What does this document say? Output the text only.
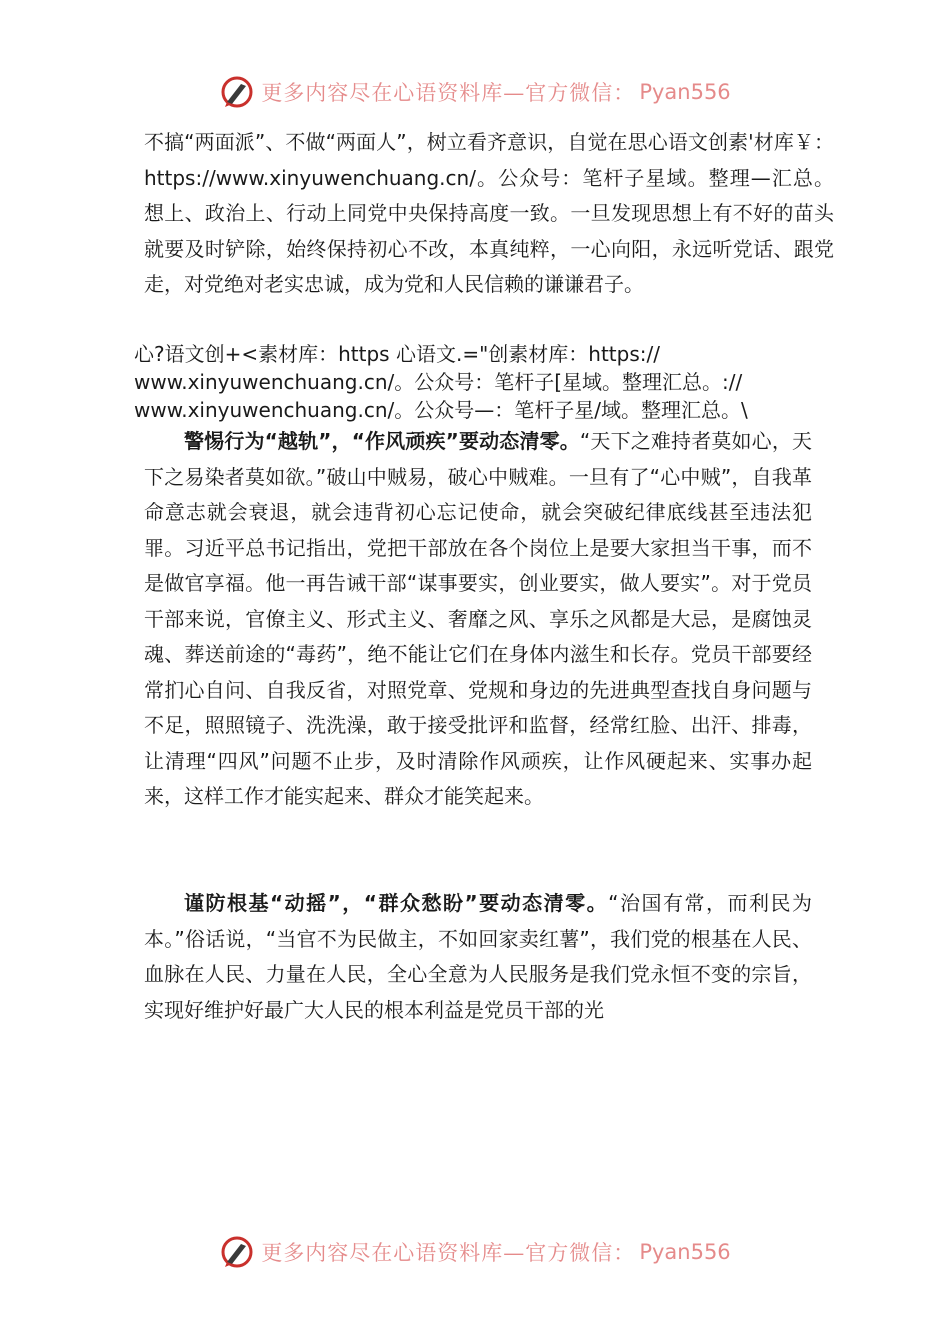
更多内容尽在心语资料库—官方微信： Pyan556
不搞“两面派”、不做“两面人”，树立看齐意识，自觉在思心语文创素'材库￥：https://www.xinyuwenchuang.cn/。公众号：笔杆子星域。整理—汇总。想上、政治上、行动上同党中央保持高度一致。一旦发现思想上有不好的苗头就要及时铲除，始终保持初心不改，本真纯粹，一心向阳，永远听党话、跟党走，对党绝对老实忠诚，成为党和人民信赖的谦谦君子。
心?语文创+<素材库：https 心语文.="创素材库：https://
www.xinyuwenchuang.cn/。公众号：笔杆子[星域。整理汇总。://
www.xinyuwenchuang.cn/。公众号—：笔杆子星/域。整理汇总。\
警惕行为“越轨”，“作风顽疾”要动态清零。“天下之难持者莫如心，天下之易染者莫如欲。”破山中贼易，破心中贼难。一旦有了“心中贼”，自我革命意志就会衰退，就会违背初心忘记使命，就会突破纪律底线甚至违法犯罪。习近平总书记指出，党把干部放在各个岗位上是要大家担当干事，而不是做官享福。他一再告诫干部“谋事要实，创业要实，做人要实”。对于党员干部来说，官僚主义、形式主义、奢靡之风、享乐之风都是大忌，是腐蚀灵魂、葬送前途的“毒药”，绝不能让它们在身体内滋生和长存。党员干部要经常扪心自问、自我反省，对照党章、党规和身边的先进典型查找自身问题与不足，照照镜子、洗洗澡，敢于接受批评和监督，经常红脸、出汗、排毒，让清理“四风”问题不止步，及时清除作风顽疾，让作风硬起来、实事办起来，这样工作才能实起来、群众才能笑起来。
谨防根基“动摇”，“群众愁盼”要动态清零。“治国有常，而利民为本。”俗话说，“当官不为民做主，不如回家卖红薯”，我们党的根基在人民、血脉在人民、力量在人民，全心全意为人民服务是我们党永恒不变的宗旨，实现好维护好最广大人民的根本利益是党员干部的光
更多内容尽在心语资料库—官方微信： Pyan556
